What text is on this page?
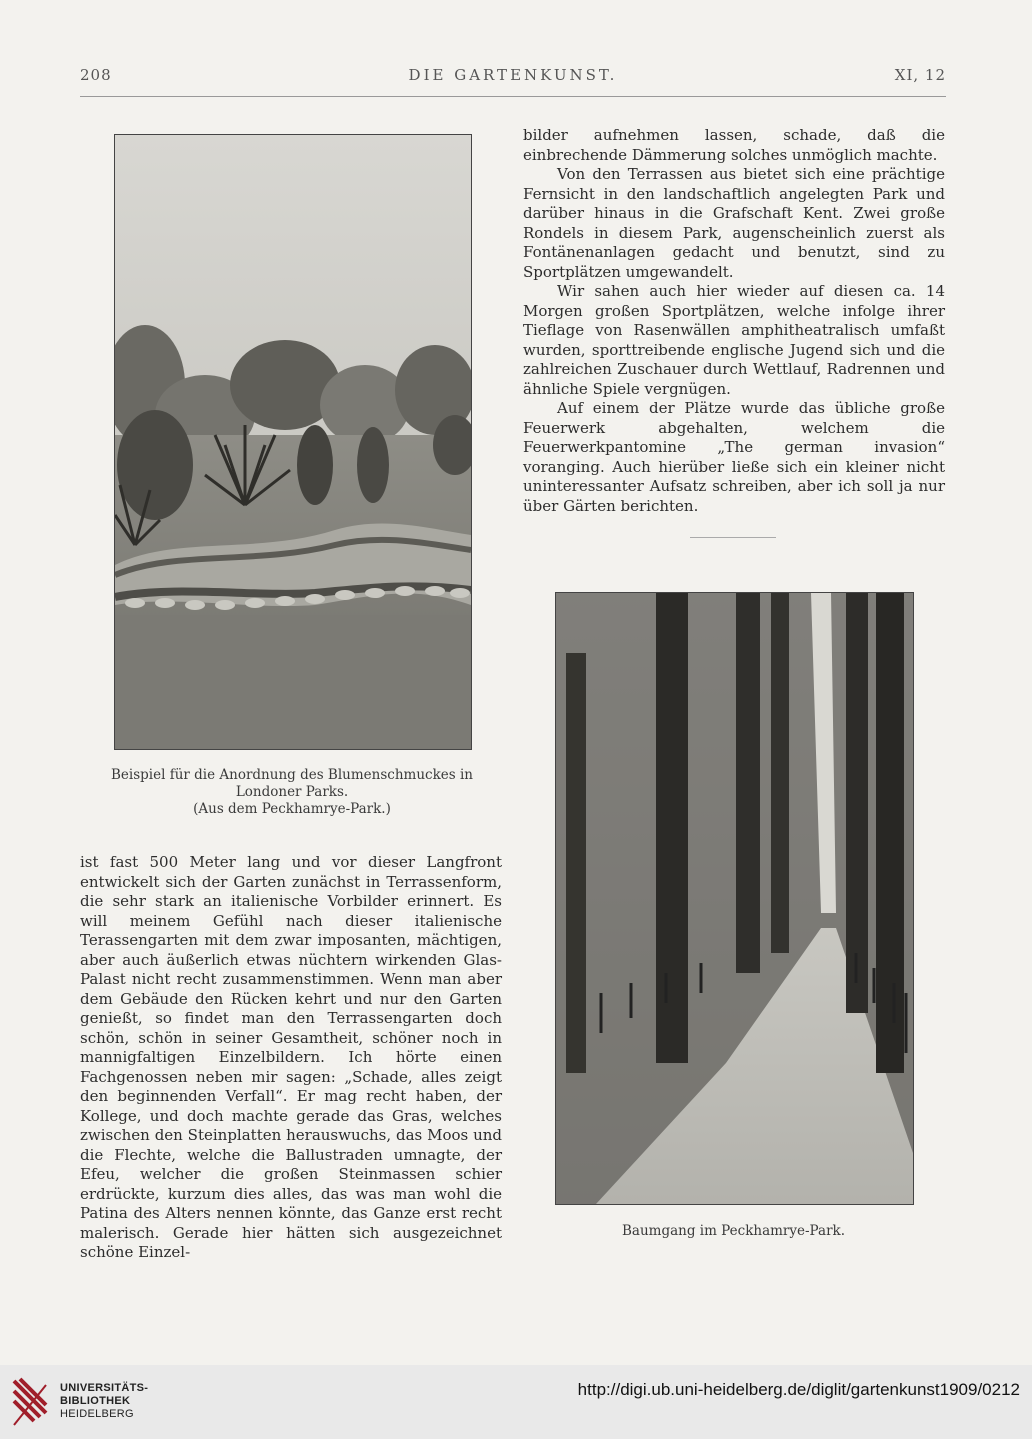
208	DIE GARTENKUNST.	XI, 12
Beispiel für die Anordnung des Blumenschmuckes in
Londoner Parks.
(Aus dem Peckhamrye-Park.)

bilder aufnehmen lassen, schade, daß die einbrechende Dämmerung solches unmöglich machte.

Von den Terrassen aus bietet sich eine prächtige Fernsicht in den landschaftlich angelegten Park und darüber hinaus in die Grafschaft Kent. Zwei große Rondels in diesem Park, augenscheinlich zuerst als Fontänenanlagen gedacht und benutzt, sind zu Sportplätzen umgewandelt.

Wir sahen auch hier wieder auf diesen ca. 14 Morgen großen Sportplätzen, welche infolge ihrer Tieflage von Rasenwällen amphitheatralisch umfaßt wurden, sporttreibende englische Jugend sich und die zahlreichen Zuschauer durch Wettlauf, Radrennen und ähnliche Spiele vergnügen.

Auf einem der Plätze wurde das übliche große Feuerwerk abgehalten, welchem die Feuerwerkpantomine „The german invasion“ voranging. Auch hierüber ließe sich ein kleiner nicht uninteressanter Aufsatz schreiben, aber ich soll ja nur über Gärten berichten.

Baumgang im Peckhamrye-Park.

ist fast 500 Meter lang und vor dieser Langfront entwickelt sich der Garten zunächst in Terrassenform, die sehr stark an italienische Vorbilder erinnert. Es will meinem Gefühl nach dieser italienische Terassengarten mit dem zwar imposanten, mächtigen, aber auch äußerlich etwas nüchtern wirkenden Glas-Palast nicht recht zusammenstimmen. Wenn man aber dem Gebäude den Rücken kehrt und nur den Garten genießt, so findet man den Terrassengarten doch schön, schön in seiner Gesamtheit, schöner noch in mannigfaltigen Einzelbildern. Ich hörte einen Fachgenossen neben mir sagen: „Schade, alles zeigt den beginnenden Verfall“. Er mag recht haben, der Kollege, und doch machte gerade das Gras, welches zwischen den Steinplatten herauswuchs, das Moos und die Flechte, welche die Ballustraden umnagte, der Efeu, welcher die großen Steinmassen schier erdrückte, kurzum dies alles, das was man wohl die Patina des Alters nennen könnte, das Ganze erst recht malerisch. Gerade hier hätten sich ausgezeichnet schöne Einzel-

UNIVERSITÄTS-
BIBLIOTHEK
HEIDELBERG
http://digi.ub.uni-heidelberg.de/diglit/gartenkunst1909/0212
